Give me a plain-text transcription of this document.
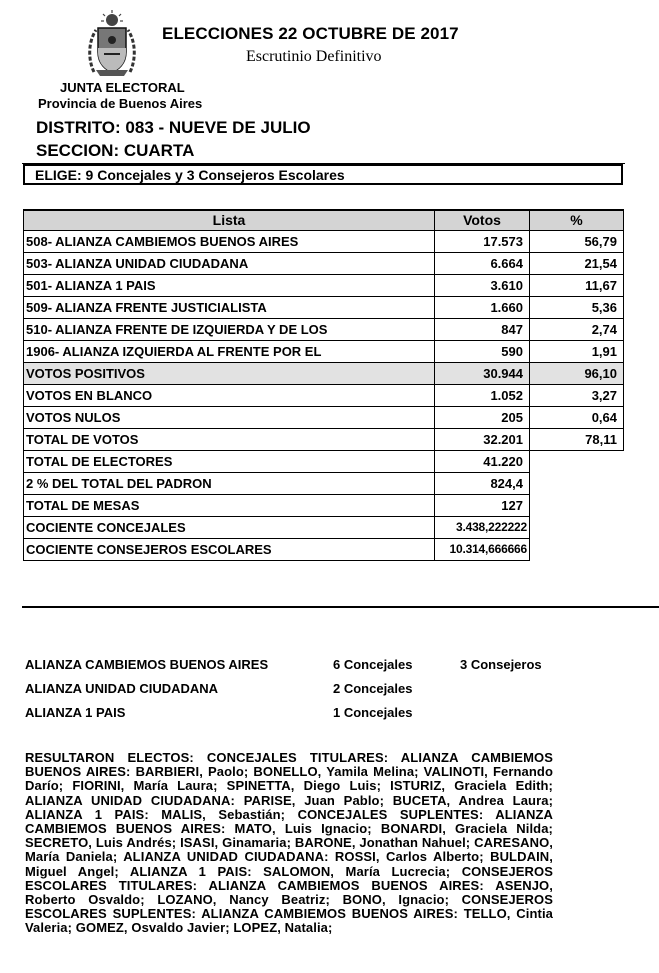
ELECCIONES 22 OCTUBRE DE 2017
Escrutinio Definitivo
JUNTA ELECTORAL
Provincia de Buenos Aires
DISTRITO: 083 - NUEVE DE JULIO
SECCION: CUARTA
ELIGE: 9 Concejales y 3 Consejeros Escolares
Lista	Votos	%
508- ALIANZA CAMBIEMOS BUENOS AIRES	17.573	56,79
503- ALIANZA UNIDAD CIUDADANA	6.664	21,54
501- ALIANZA 1 PAIS	3.610	11,67
509- ALIANZA FRENTE JUSTICIALISTA	1.660	5,36
510- ALIANZA FRENTE DE IZQUIERDA Y DE LOS	847	2,74
1906- ALIANZA IZQUIERDA AL FRENTE POR EL	590	1,91
VOTOS POSITIVOS	30.944	96,10
VOTOS EN BLANCO	1.052	3,27
VOTOS NULOS	205	0,64
TOTAL DE VOTOS	32.201	78,11
TOTAL DE ELECTORES	41.220	
2 % DEL TOTAL DEL PADRON	824,4	
TOTAL DE MESAS	127	
COCIENTE CONCEJALES	3.438,222222	
COCIENTE CONSEJEROS ESCOLARES	10.314,666666	
ALIANZA CAMBIEMOS BUENOS AIRES	6 Concejales	3 Consejeros
ALIANZA UNIDAD CIUDADANA	2 Concejales
ALIANZA 1 PAIS	1 Concejales

RESULTARON ELECTOS: CONCEJALES TITULARES: ALIANZA CAMBIEMOS BUENOS AIRES: BARBIERI, Paolo; BONELLO, Yamila Melina; VALINOTI, Fernando Darío; FIORINI, María Laura; SPINETTA, Diego Luis; ISTURIZ, Graciela Edith; ALIANZA UNIDAD CIUDADANA: PARISE, Juan Pablo; BUCETA, Andrea Laura; ALIANZA 1 PAIS: MALIS, Sebastián; CONCEJALES SUPLENTES: ALIANZA CAMBIEMOS BUENOS AIRES: MATO, Luis Ignacio; BONARDI, Graciela Nilda; SECRETO, Luis Andrés; ISASI, Ginamaria; BARONE, Jonathan Nahuel; CARESANO, María Daniela; ALIANZA UNIDAD CIUDADANA: ROSSI, Carlos Alberto; BULDAIN, Miguel Angel; ALIANZA 1 PAIS: SALOMON, María Lucrecia; CONSEJEROS ESCOLARES TITULARES: ALIANZA CAMBIEMOS BUENOS AIRES: ASENJO, Roberto Osvaldo; LOZANO, Nancy Beatriz; BONO, Ignacio; CONSEJEROS ESCOLARES SUPLENTES: ALIANZA CAMBIEMOS BUENOS AIRES: TELLO, Cintia Valeria; GOMEZ, Osvaldo Javier; LOPEZ, Natalia;
